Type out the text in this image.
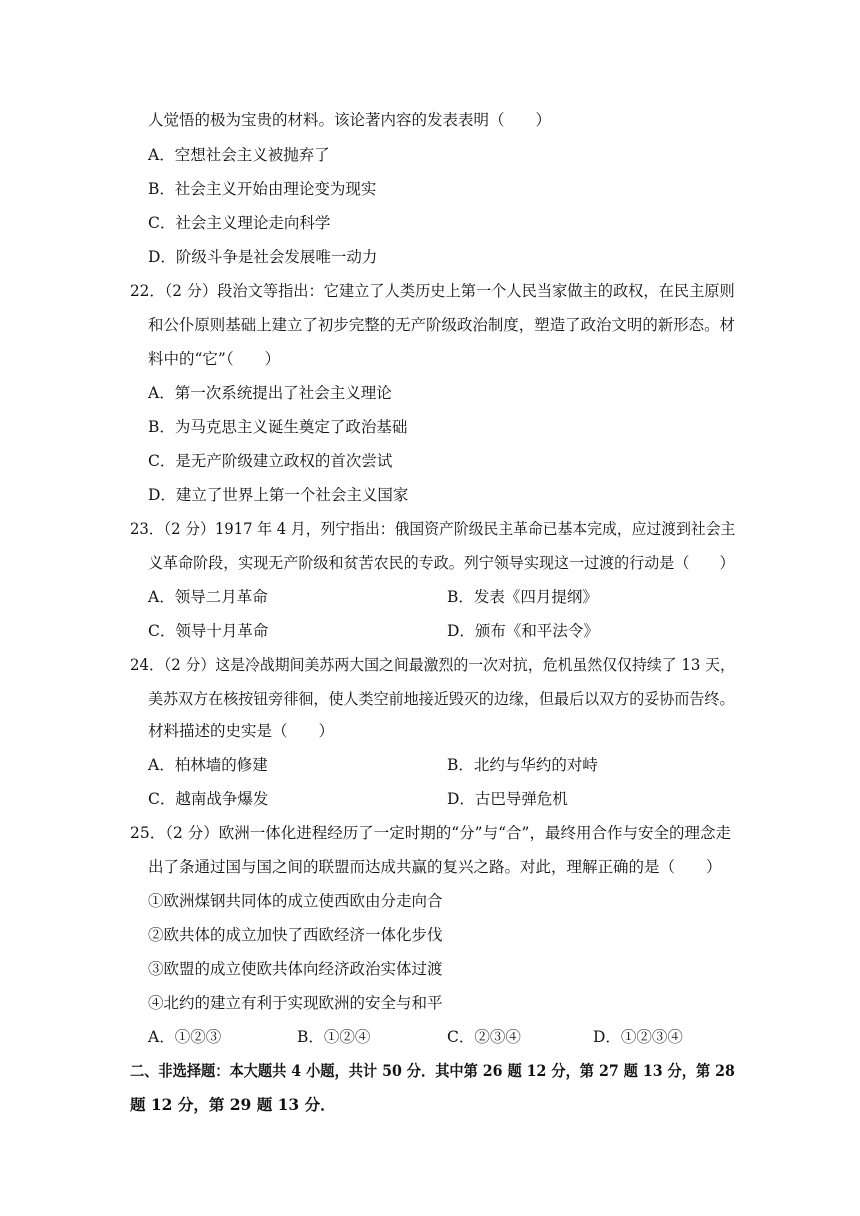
人觉悟的极为宝贵的材料。该论著内容的发表表明（　　）
A．空想社会主义被抛弃了
B．社会主义开始由理论变为现实
C．社会主义理论走向科学
D．阶级斗争是社会发展唯一动力
22．（2 分）段治文等指出：它建立了人类历史上第一个人民当家做主的政权，在民主原则
和公仆原则基础上建立了初步完整的无产阶级政治制度，塑造了政治文明的新形态。材
料中的“它”（　　）
A．第一次系统提出了社会主义理论
B．为马克思主义诞生奠定了政治基础
C．是无产阶级建立政权的首次尝试
D．建立了世界上第一个社会主义国家
23．（2 分）1917 年 4 月，列宁指出：俄国资产阶级民主革命已基本完成，应过渡到社会主
义革命阶段，实现无产阶级和贫苦农民的专政。列宁领导实现这一过渡的行动是（　　）
A．领导二月革命	B．发表《四月提纲》
C．领导十月革命	D．颁布《和平法令》
24．（2 分）这是冷战期间美苏两大国之间最激烈的一次对抗，危机虽然仅仅持续了 13 天，
美苏双方在核按钮旁徘徊，使人类空前地接近毁灭的边缘，但最后以双方的妥协而告终。
材料描述的史实是（　　）
A．柏林墙的修建	B．北约与华约的对峙
C．越南战争爆发	D．古巴导弹危机
25．（2 分）欧洲一体化进程经历了一定时期的“分”与“合”，最终用合作与安全的理念走
出了条通过国与国之间的联盟而达成共赢的复兴之路。对此，理解正确的是（　　）
①欧洲煤钢共同体的成立使西欧由分走向合
②欧共体的成立加快了西欧经济一体化步伐
③欧盟的成立使欧共体向经济政治实体过渡
④北约的建立有利于实现欧洲的安全与和平
A．①②③	B．①②④	C．②③④	D．①②③④
二、非选择题：本大题共 4 小题，共计 50 分．其中第 26 题 12 分，第 27 题 13 分，第 28
题 12 分，第 29 题 13 分．
